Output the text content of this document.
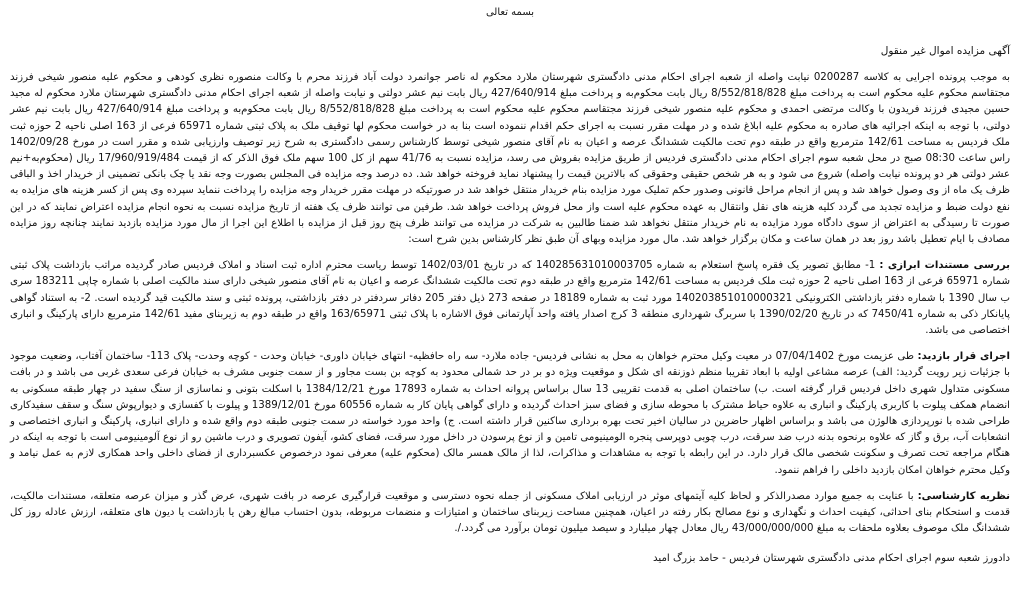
بسمه تعالی
آگهی مزایده اموال غیر منقول

به موجب پرونده اجرایی به کلاسه 0200287 نیابت واصله از شعبه اجرای احکام مدنی دادگستری شهرستان ملارد محکوم له ناصر جوانمرد دولت آباد فرزند محرم با وکالت منصوره نظری کودهی و محکوم علیه منصور شیخی فرزند مجتقاسم محکوم علیه محکوم است به پرداخت مبلغ 8/552/818/828 ریال بابت محکوم‌به و پرداخت مبلغ 427/640/914 ریال بابت نیم عشر دولتی و نیابت واصله از شعبه اجرای احکام مدنی دادگستری شهرستان ملارد محکوم له مجید حسین مجیدی فرزند فریدون با وکالت مرتضی احمدی و محکوم علیه منصور شیخی فرزند مجتقاسم محکوم علیه محکوم است به پرداخت مبلغ 8/552/818/828 ریال بابت محکوم‌به و پرداخت مبلغ 427/640/914 ریال بابت نیم عشر دولتی، با توجه به اینکه اجرائیه های صادره به محکوم علیه ابلاغ شده و در مهلت مقرر نسبت به اجرای حکم اقدام ننموده است بنا به در خواست محکوم لها توقیف ملک به پلاک ثبتی شماره 65971 فرعی از 163 اصلی ناحیه 2 حوزه ثبت ملک فردیس به مساحت 142/61 مترمربع واقع در طبقه دوم تحت مالکیت ششدانگ عرصه و اعیان به نام آقای منصور شیخی توسط کارشناس رسمی دادگستری به شرح زیر توصیف وارزیابی شده و مقرر است در مورخ 1402/09/28 راس ساعت 08:30 صبح در محل شعبه سوم اجرای احکام مدنی دادگستری فردیس از طریق مزایده بفروش می رسد، مزایده نسبت به 41/76 سهم از کل 100 سهم ملک فوق الذکر که از قیمت 17/960/919/484 ریال (محکوم‌به+نیم عشر دولتی هر دو پرونده نیابت واصله) شروع می شود و به هر شخص حقیقی وحقوقی که بالاترین قیمت را پیشنهاد نماید فروخته خواهد شد. ده درصد وجه مزایده فی المجلس بصورت وجه نقد یا چک بانکی تضمینی از خریدار اخذ و الباقی ظرف یک ماه از وی وصول خواهد شد و پس از انجام مراحل قانونی وصدور حکم تملیک مورد مزایده بنام خریدار منتقل خواهد شد در صورتیکه در مهلت مقرر خریدار وجه مزایده را پرداخت ننماید سپرده وی پس از کسر هزینه های مزایده به نفع دولت ضبط و مزایده تجدید می گردد کلیه هزینه های نقل وانتقال به عهده محکوم علیه است واز محل فروش پرداخت خواهد شد. طرفین می توانند ظرف یک هفته از تاریخ مزایده نسبت به نحوه انجام مزایده اعتراض نمایند که در این صورت تا رسیدگی به اعتراض از سوی دادگاه مورد مزایده به نام خریدار منتقل نخواهد شد ضمنا طالبین به شرکت در مزایده می توانند ظرف پنج روز قبل از مزایده با اطلاع این اجرا از مال مورد مزایده بازدید نمایند چنانچه روز مزایده مصادف با ایام تعطیل باشد روز بعد در همان ساعت و مکان برگزار خواهد شد. مال مورد مزایده وبهای آن طبق نظر کارشناس بدین شرح است:

بررسی مستندات ابرازی : 1- مطابق تصویر یک فقره پاسخ استعلام به شماره 140285631010003705 که در تاریخ 1402/03/01 توسط ریاست محترم اداره ثبت اسناد و املاک فردیس صادر گردیده مراتب بازداشت پلاک ثبتی شماره 65971 فرعی از 163 اصلی ناحیه 2 حوزه ثبت ملک فردیس به مساحت 142/61 مترمربع واقع در طبقه دوم تحت مالکیت ششدانگ عرصه و اعیان به نام آقای منصور شیخی دارای سند مالکیت اصلی با شماره چاپی 183211 سری ب سال 1390 با شماره دفتر بازداشتی الکترونیکی 140203851010000321 مورد ثبت به شماره 18189 در صفحه 273 ذیل دفتر 205 دفاتر سردفتر در دفتر بازداشتی، پرونده ثبتی و سند مالکیت قید گردیده است. 2- به استناد گواهی پایانکار ذکی به شماره 7450/41 که در تاریخ 1390/02/20 با سربرگ شهرداری منطقه 3 کرج اصدار یافته واحد آپارتمانی فوق الاشاره با پلاک ثبتی 163/65971 واقع در طبقه دوم به زیربنای مفید 142/61 مترمربع دارای پارکینگ و انباری اختصاصی می باشد.

اجرای قرار بازدید: طی عزیمت مورخ 07/04/1402 در معیت وکیل محترم خواهان به محل به نشانی فردیس- جاده ملارد- سه راه حافظیه- انتهای خیابان داوری- خیابان وحدت - کوچه وحدت- پلاک 113- ساختمان آفتاب، وضعیت موجود با جزئیات زیر رویت گردید: الف) عرصه مشاعی اولیه با ابعاد تقریبا منظم ذوزنقه ای شکل و موقعیت ویژه دو بر در حد شمالی محدود به کوچه بن بست مجاور و از سمت جنوبی مشرف به خیابان فرعی سعدی غربی می باشد و در بافت مسکونی متداول شهری داخل فردیس قرار گرفته است. ب) ساختمان اصلی به قدمت تقریبی 13 سال براساس پروانه احداث به شماره 17893 مورخ 1384/12/21 با اسکلت بتونی و نماسازی از سنگ سفید در چهار طبقه مسکونی به انضمام همکف پیلوت با کاربری پارکینگ و انباری به علاوه حیاط مشترک با محوطه سازی و فضای سبز احداث گردیده و دارای گواهی پایان کار به شماره 60556 مورخ 1389/12/01 و پیلوت با کفسازی و دیوارپوش سنگ و سقف سفیدکاری طراحی شده با نورپردازی هالوژن می باشد و براساس اظهار حاضرین در سالیان اخیر تحت بهره برداری ساکنین قرار داشته است. ج) واحد مورد خواسته در سمت جنوبی طبقه دوم واقع شده و دارای انباری، پارکینگ و انباری اختصاصی و انشعابات آب، برق و گاز که علاوه برنحوه بدنه درب ضد سرقت، درب چوبی دوپرسی پنجره الومینیومی تامین و از نوع پرسودن در داخل مورد سرقت، فضای کشو، آیفون تصویری و درب ماشین رو از نوع آلومینیومی است با توجه به اینکه در هنگام مراجعه تحت تصرف و سکونت شخصی مالک قرار دارد. در این رابطه با توجه به مشاهدات و مذاکرات، لذا از مالک همسر مالک (محکوم علیه) معرفی نمود درخصوص عکسبرداری از فضای داخلی واحد همکاری لازم به عمل نیامد و وکیل محترم خواهان امکان بازدید داخلی را فراهم ننمود.

نظریه کارشناسی: با عنایت به جمیع موارد مصدرالذکر و لحاظ کلیه آیتمهای موثر در ارزیابی املاک مسکونی از جمله نحوه دسترسی و موقعیت قرارگیری عرصه در بافت شهری، عرض گذر و میزان عرصه متعلقه، مستندات مالکیت، قدمت و استحکام بنای احداثی، کیفیت احداث و نگهداری و نوع مصالح بکار رفته در اعیان، همچنین مساحت زیربنای ساختمان و امتیازات و منضمات مربوطه، بدون احتساب مبالغ رهن یا بازداشت یا دیون های متعلقه، ارزش عادله روز کل ششدانگ ملک موصوف بعلاوه ملحقات به مبلغ 43/000/000/000 ریال معادل چهار میلیارد و سیصد میلیون تومان برآورد می گردد./.

دادورز شعبه سوم اجرای احکام مدنی دادگستری شهرستان فردیس - حامد بزرگ امید
